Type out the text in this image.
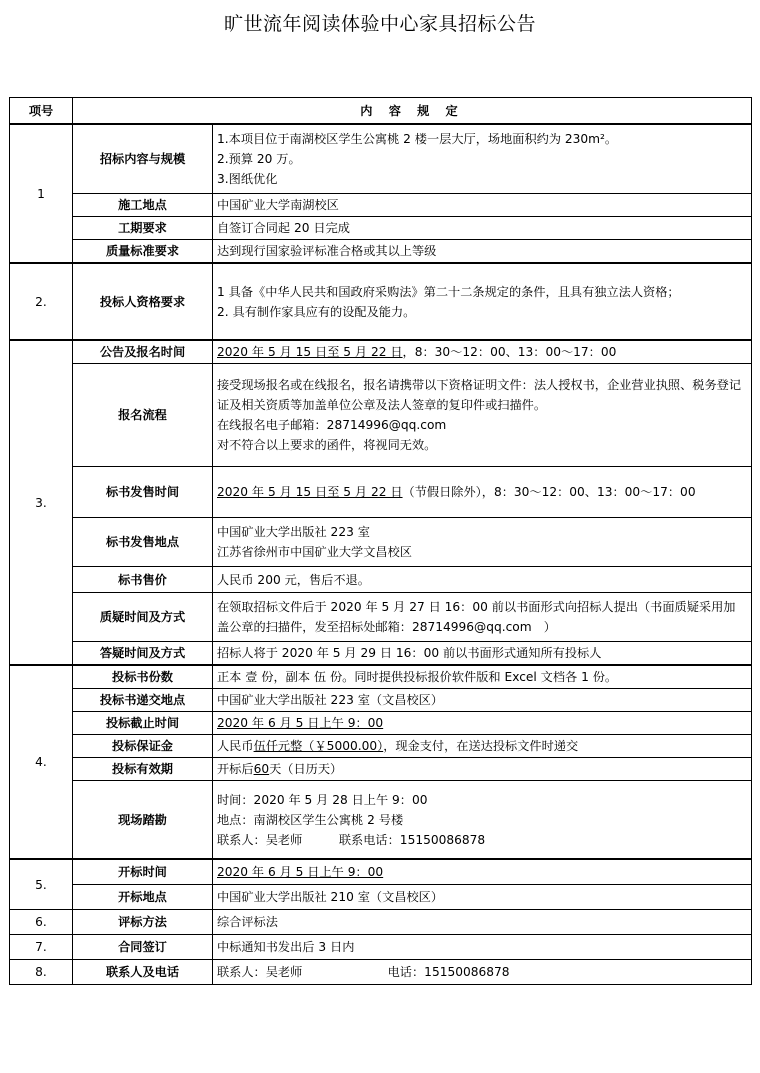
旷世流年阅读体验中心家具招标公告
项号	内 容 规 定	
1	招标内容与规模	1.本项目位于南湖校区学生公寓桃 2 楼一层大厅，场地面积约为 230m²。

2.预算 20 万。

3.图纸优化

	施工地点	中国矿业大学南湖校区
	工期要求	自签订合同起 20 日完成
	质量标准要求	达到现行国家验评标准合格或其以上等级
2.	投标人资格要求	1 具备《中华人民共和国政府采购法》第二十二条规定的条件，且具有独立法人资格；

2. 具有制作家具应有的设配及能力。

3.	公告及报名时间	2020 年 5 月 15 日至 5 月 22 日，8：30～12：00、13：00～17：00
	报名流程	接受现场报名或在线报名，报名请携带以下资格证明文件：法人授权书，企业营业执照、税务登记证及相关资质等加盖单位公章及法人签章的复印件或扫描件。

在线报名电子邮箱：28714996@qq.com

对不符合以上要求的函件，将视同无效。

	标书发售时间	2020 年 5 月 15 日至 5 月 22 日（节假日除外），8：30～12：00、13：00～17：00
	标书发售地点	中国矿业大学出版社 223 室

江苏省徐州市中国矿业大学文昌校区

	标书售价	人民币 200 元，售后不退。
	质疑时间及方式	在领取招标文件后于 2020 年 5 月 27 日 16：00 前以书面形式向招标人提出（书面质疑采用加盖公章的扫描件，发至招标处邮箱：28714996@qq.com　）
	答疑时间及方式	招标人将于 2020 年 5 月 29 日 16：00 前以书面形式通知所有投标人
4.	投标书份数	正本 壹 份，副本 伍 份。同时提供投标报价软件版和 Excel 文档各 1 份。
	投标书递交地点	中国矿业大学出版社 223 室（文昌校区）
	投标截止时间	2020 年 6 月 5 日上午 9：00
	投标保证金	人民币伍仟元整（￥5000.00），现金支付，在送达投标文件时递交
	投标有效期	开标后60天（日历天）
	现场踏勘	时间：2020 年 5 月 28 日上午 9：00

地点：南湖校区学生公寓桃 2 号楼

联系人：吴老师　　　联系电话：15150086878

5.	开标时间	2020 年 6 月 5 日上午 9：00
	开标地点	中国矿业大学出版社 210 室（文昌校区）
6.	评标方法	综合评标法
7.	合同签订	中标通知书发出后 3 日内
8.	联系人及电话	联系人：吴老师　　　　　　　电话：15150086878
